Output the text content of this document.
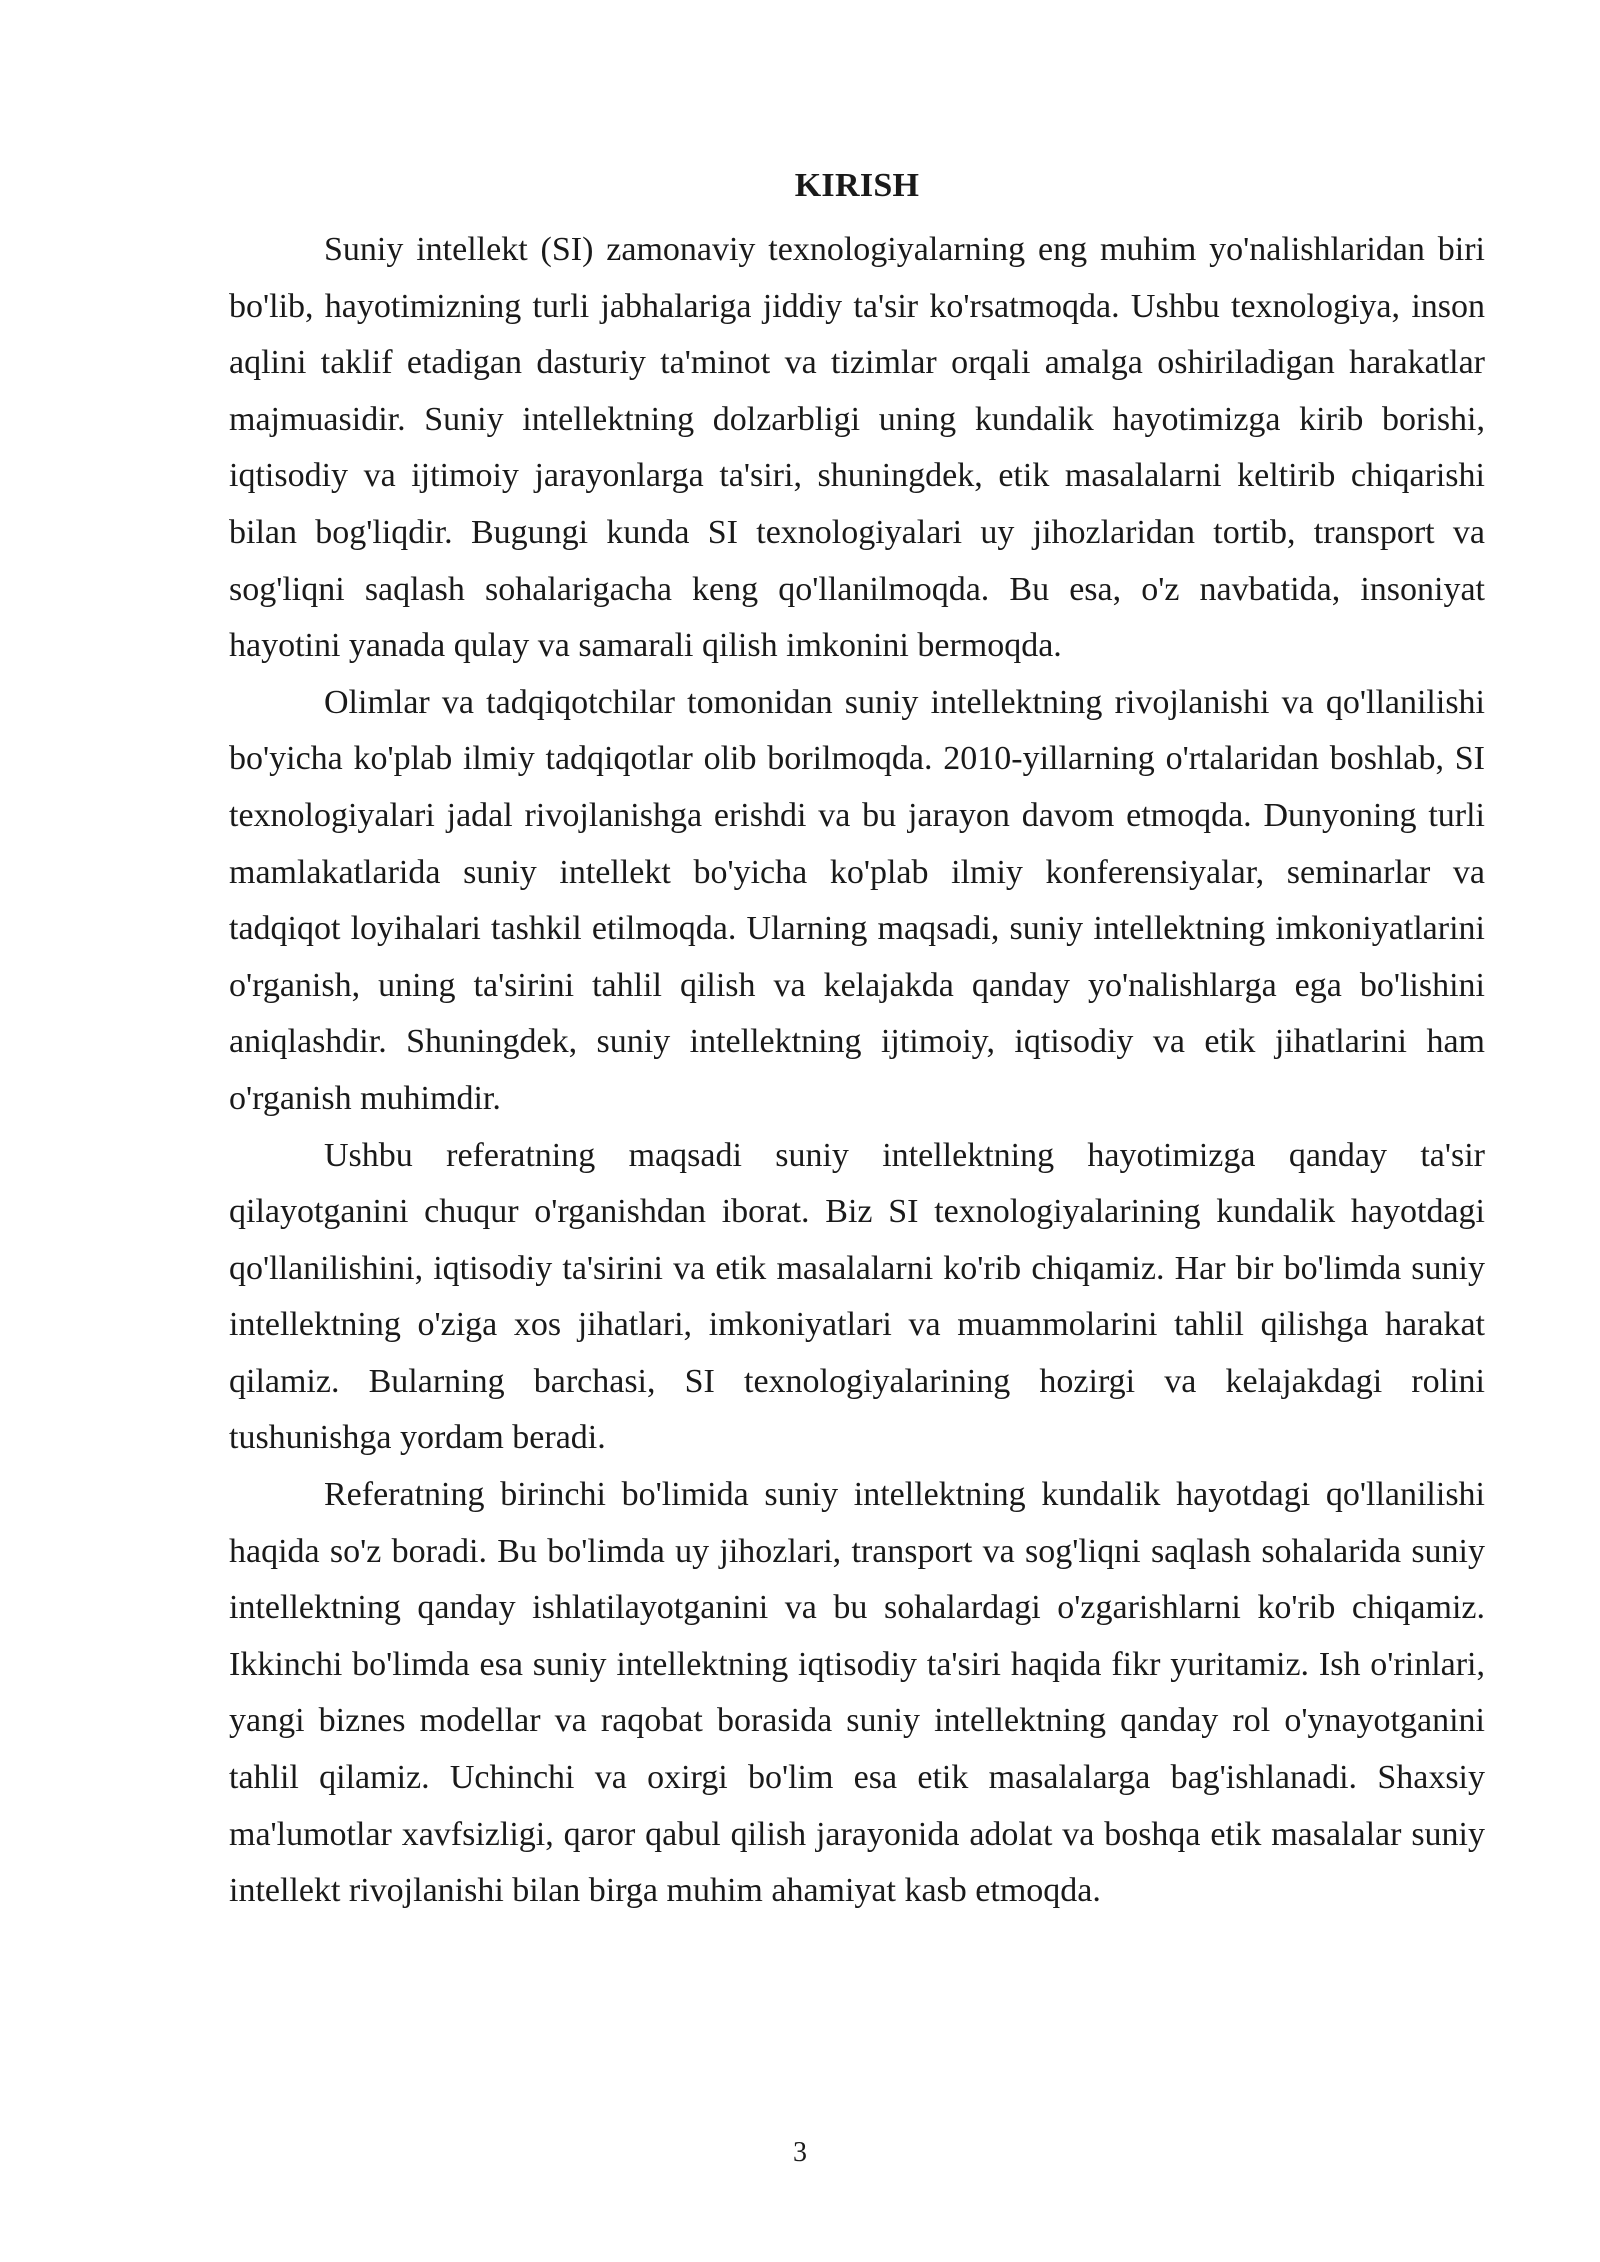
KIRISH

Suniy intellekt (SI) zamonaviy texnologiyalarning eng muhim yo'nalishlaridan biri bo'lib, hayotimizning turli jabhalariga jiddiy ta'sir ko'rsatmoqda. Ushbu texnologiya, inson aqlini taklif etadigan dasturiy ta'minot va tizimlar orqali amalga oshiriladigan harakatlar majmuasidir. Suniy intellektning dolzarbligi uning kundalik hayotimizga kirib borishi, iqtisodiy va ijtimoiy jarayonlarga ta'siri, shuningdek, etik masalalarni keltirib chiqarishi bilan bog'liqdir. Bugungi kunda SI texnologiyalari uy jihozlaridan tortib, transport va sog'liqni saqlash sohalarigacha keng qo'llanilmoqda. Bu esa, o'z navbatida, insoniyat hayotini yanada qulay va samarali qilish imkonini bermoqda.

Olimlar va tadqiqotchilar tomonidan suniy intellektning rivojlanishi va qo'llanilishi bo'yicha ko'plab ilmiy tadqiqotlar olib borilmoqda. 2010-yillarning o'rtalaridan boshlab, SI texnologiyalari jadal rivojlanishga erishdi va bu jarayon davom etmoqda. Dunyoning turli mamlakatlarida suniy intellekt bo'yicha ko'plab ilmiy konferensiyalar, seminarlar va tadqiqot loyihalari tashkil etilmoqda. Ularning maqsadi, suniy intellektning imkoniyatlarini o'rganish, uning ta'sirini tahlil qilish va kelajakda qanday yo'nalishlarga ega bo'lishini aniqlashdir. Shuningdek, suniy intellektning ijtimoiy, iqtisodiy va etik jihatlarini ham o'rganish muhimdir.

Ushbu referatning maqsadi suniy intellektning hayotimizga qanday ta'sir qilayotganini chuqur o'rganishdan iborat. Biz SI texnologiyalarining kundalik hayotdagi qo'llanilishini, iqtisodiy ta'sirini va etik masalalarni ko'rib chiqamiz. Har bir bo'limda suniy intellektning o'ziga xos jihatlari, imkoniyatlari va muammolarini tahlil qilishga harakat qilamiz. Bularning barchasi, SI texnologiyalarining hozirgi va kelajakdagi rolini tushunishga yordam beradi.

Referatning birinchi bo'limida suniy intellektning kundalik hayotdagi qo'llanilishi haqida so'z boradi. Bu bo'limda uy jihozlari, transport va sog'liqni saqlash sohalarida suniy intellektning qanday ishlatilayotganini va bu sohalardagi o'zgarishlarni ko'rib chiqamiz. Ikkinchi bo'limda esa suniy intellektning iqtisodiy ta'siri haqida fikr yuritamiz. Ish o'rinlari, yangi biznes modellar va raqobat borasida suniy intellektning qanday rol o'ynayotganini tahlil qilamiz. Uchinchi va oxirgi bo'lim esa etik masalalarga bag'ishlanadi. Shaxsiy ma'lumotlar xavfsizligi, qaror qabul qilish jarayonida adolat va boshqa etik masalalar suniy intellekt rivojlanishi bilan birga muhim ahamiyat kasb etmoqda.

3
